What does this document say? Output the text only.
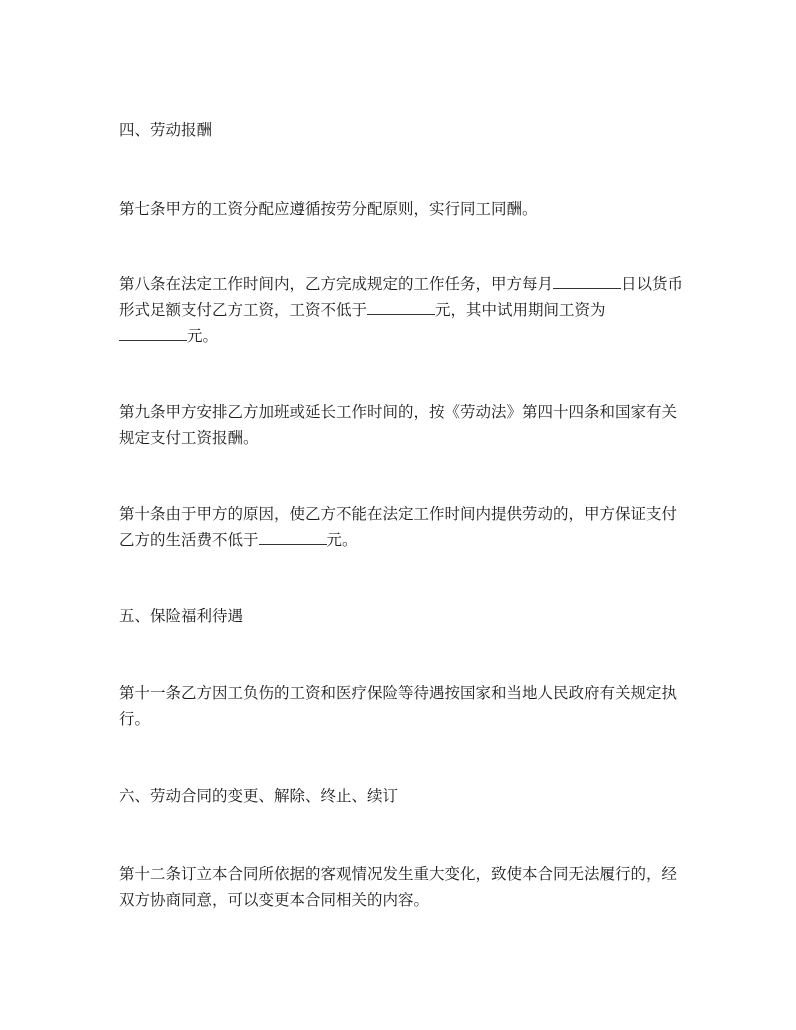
四、劳动报酬

第七条甲方的工资分配应遵循按劳分配原则，实行同工同酬。

第八条在法定工作时间内，乙方完成规定的工作任务，甲方每月	日以货币形式足额支付乙方工资，工资不低于	元，其中试用期间工资为
元。

第九条甲方安排乙方加班或延长工作时间的，按《劳动法》第四十四条和国家有关规定支付工资报酬。

第十条由于甲方的原因，使乙方不能在法定工作时间内提供劳动的，甲方保证支付乙方的生活费不低于	元。

五、保险福利待遇

第十一条乙方因工负伤的工资和医疗保险等待遇按国家和当地人民政府有关规定执行。

六、劳动合同的变更、解除、终止、续订

第十二条订立本合同所依据的客观情况发生重大变化，致使本合同无法履行的，经双方协商同意，可以变更本合同相关的内容。
